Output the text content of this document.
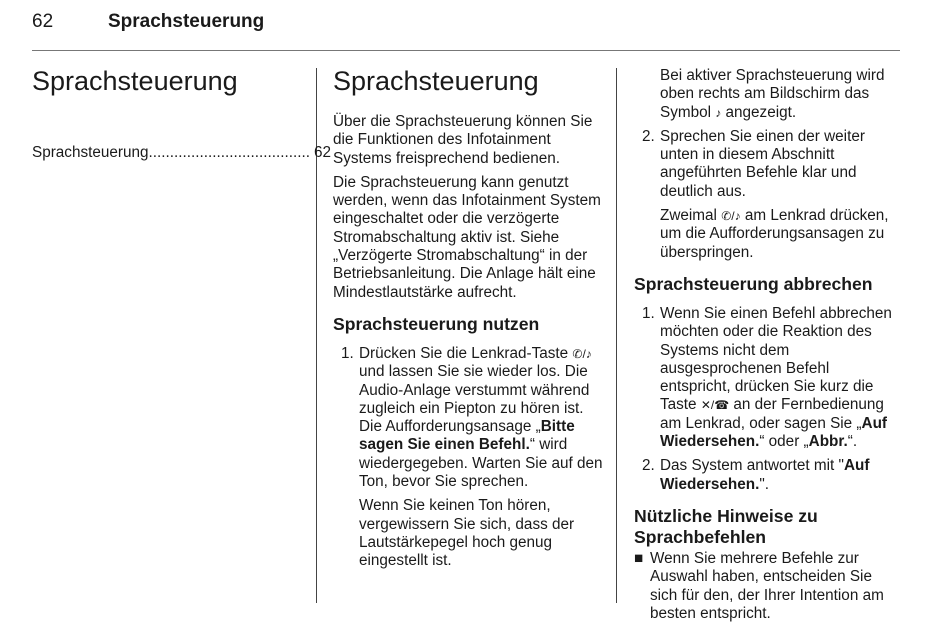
62	Sprachsteuerung
Sprachsteuerung
Sprachsteuerung ...................................... 62
Sprachsteuerung

Über die Sprachsteuerung können Sie die Funktionen des Infotainment Systems freisprechend bedienen.

Die Sprachsteuerung kann genutzt werden, wenn das Infotainment System eingeschaltet oder die verzögerte Stromabschaltung aktiv ist. Siehe „Verzögerte Stromabschaltung“ in der Betriebsanleitung. Die Anlage hält eine Mindestlautstärke aufrecht.

Sprachsteuerung nutzen
1. Drücken Sie die Lenkrad-Taste ✆/♪ und lassen Sie sie wieder los. Die Audio-Anlage verstummt während zugleich ein Piepton zu hören ist. Die Aufforderungsansage „Bitte sagen Sie einen Befehl.“ wird wiedergegeben. Warten Sie auf den Ton, bevor Sie sprechen.

Wenn Sie keinen Ton hören, vergewissern Sie sich, dass der Lautstärkepegel hoch genug eingestellt ist.

Bei aktiver Sprachsteuerung wird oben rechts am Bildschirm das Symbol ♪ angezeigt.

2. Sprechen Sie einen der weiter unten in diesem Abschnitt angeführten Befehle klar und deutlich aus.

Zweimal ✆/♪ am Lenkrad drücken, um die Aufforderungsansagen zu überspringen.

Sprachsteuerung abbrechen
1. Wenn Sie einen Befehl abbrechen möchten oder die Reaktion des Systems nicht dem ausgesprochenen Befehl entspricht, drücken Sie kurz die Taste ✕/☎ an der Fernbedienung am Lenkrad, oder sagen Sie „Auf Wiedersehen.“ oder „Abbr.“.
2. Das System antwortet mit "Auf Wiedersehen.".
Nützliche Hinweise zu Sprachbefehlen
■ Wenn Sie mehrere Befehle zur Auswahl haben, entscheiden Sie sich für den, der Ihrer Intention am besten entspricht.
